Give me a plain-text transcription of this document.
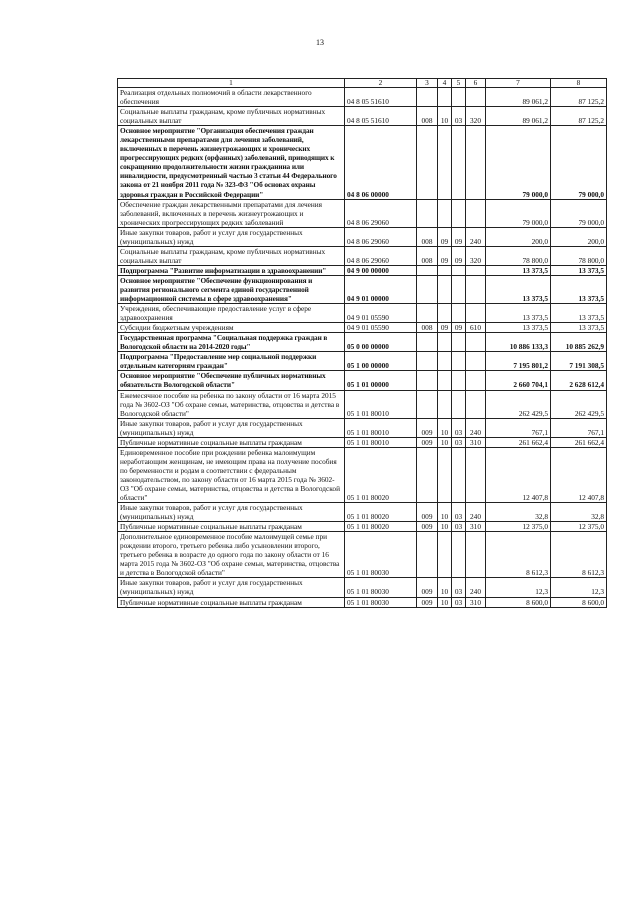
13
1	2	3	4	5	6	7	8
Реализация отдельных полномочий в области лекарственного обеспечения	04 8 05 51610					89 061,2	87 125,2
Социальные выплаты гражданам, кроме публичных нормативных социальных выплат	04 8 05 51610	008	10	03	320	89 061,2	87 125,2
Основное мероприятие "Организация обеспечения граждан лекарственными препаратами для лечения заболеваний, включенных в перечень жизнеугрожающих и хронических прогрессирующих редких (орфанных) заболеваний, приводящих к сокращению продолжительности жизни гражданина или инвалидности, предусмотренный частью 3 статьи 44 Федерального закона от 21 ноября 2011 года № 323-ФЗ "Об основах охраны здоровья граждан в Российской Федерации"	04 8 06 00000					79 000,0	79 000,0
Обеспечение граждан лекарственными препаратами для лечения заболеваний, включенных в перечень жизнеугрожающих и хронических прогрессирующих редких заболеваний	04 8 06 29060					79 000,0	79 000,0
Иные закупки товаров, работ и услуг для государственных (муниципальных) нужд	04 8 06 29060	008	09	09	240	200,0	200,0
Социальные выплаты гражданам, кроме публичных нормативных социальных выплат	04 8 06 29060	008	09	09	320	78 800,0	78 800,0
Подпрограмма "Развитие информатизации в здравоохранении"	04 9 00 00000					13 373,5	13 373,5
Основное мероприятие "Обеспечение функционирования и развития регионального сегмента единой государственной информационной системы в сфере здравоохранения"	04 9 01 00000					13 373,5	13 373,5
Учреждения, обеспечивающие предоставление услуг в сфере здравоохранения	04 9 01 05590					13 373,5	13 373,5
Субсидии бюджетным учреждениям	04 9 01 05590	008	09	09	610	13 373,5	13 373,5
Государственная программа "Социальная поддержка граждан в Вологодской области на 2014-2020 годы"	05 0 00 00000					10 886 133,3	10 885 262,9
Подпрограмма "Предоставление мер социальной поддержки отдельным категориям граждан"	05 1 00 00000					7 195 801,2	7 191 308,5
Основное мероприятие "Обеспечение публичных нормативных обязательств Вологодской области"	05 1 01 00000					2 660 704,1	2 628 612,4
Ежемесячное пособие на ребенка по закону области от 16 марта 2015 года № 3602-ОЗ "Об охране семьи, материнства, отцовства и детства в Вологодской области"	05 1 01 80010					262 429,5	262 429,5
Иные закупки товаров, работ и услуг для государственных (муниципальных) нужд	05 1 01 80010	009	10	03	240	767,1	767,1
Публичные нормативные социальные выплаты гражданам	05 1 01 80010	009	10	03	310	261 662,4	261 662,4
Единовременное пособие при рождении ребенка малоимущим неработающим женщинам, не имеющим права на получение пособия по беременности и родам в соответствии с федеральным законодательством, по закону области от 16 марта 2015 года № 3602-ОЗ "Об охране семьи, материнства, отцовства и детства в Вологодской области"	05 1 01 80020					12 407,8	12 407,8
Иные закупки товаров, работ и услуг для государственных (муниципальных) нужд	05 1 01 80020	009	10	03	240	32,8	32,8
Публичные нормативные социальные выплаты гражданам	05 1 01 80020	009	10	03	310	12 375,0	12 375,0
Дополнительное единовременное пособие малоимущей семье при рождении второго, третьего ребенка либо усыновлении второго, третьего ребенка в возрасте до одного года по закону области от 16 марта 2015 года № 3602-ОЗ "Об охране семьи, материнства, отцовства и детства в Вологодской области"	05 1 01 80030					8 612,3	8 612,3
Иные закупки товаров, работ и услуг для государственных (муниципальных) нужд	05 1 01 80030	009	10	03	240	12,3	12,3
Публичные нормативные социальные выплаты гражданам	05 1 01 80030	009	10	03	310	8 600,0	8 600,0
